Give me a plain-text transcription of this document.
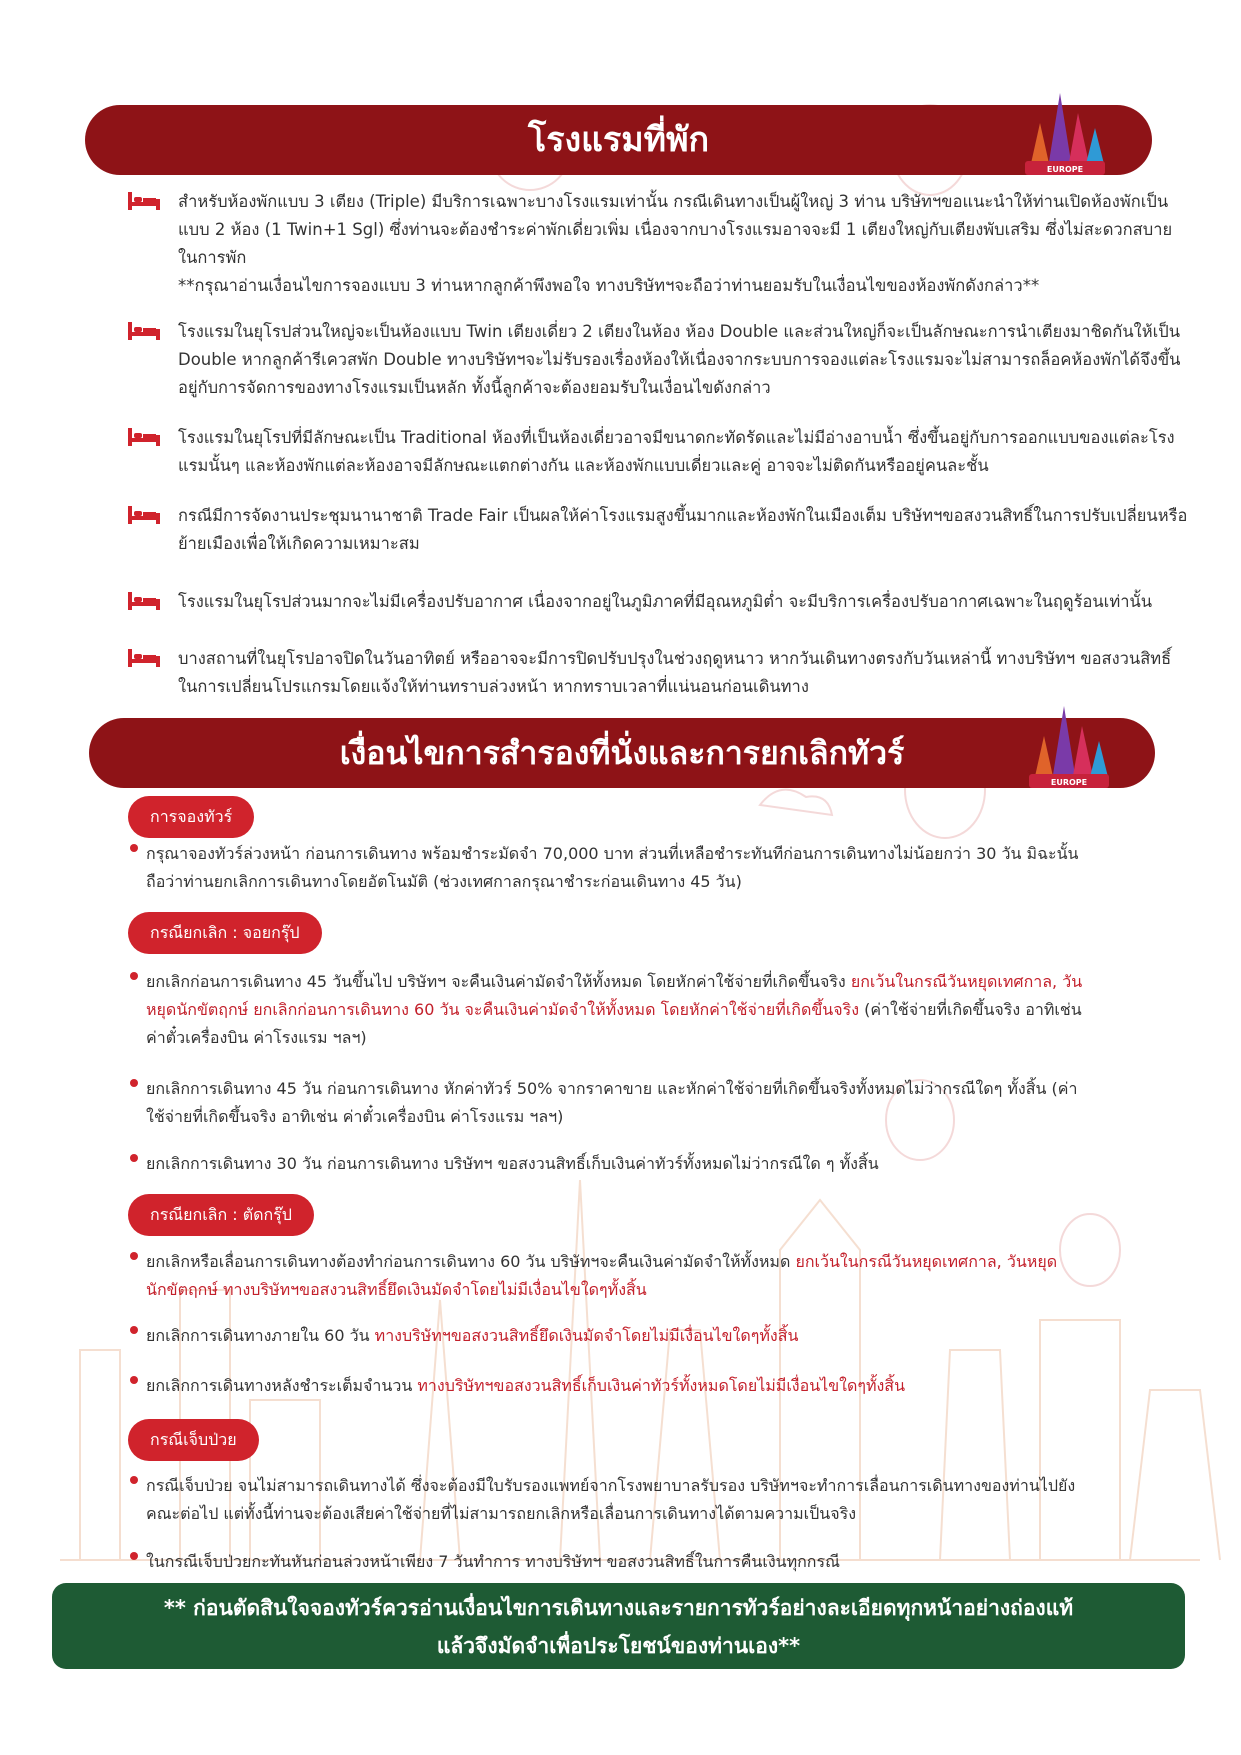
โรงแรมที่พัก
EUROPE
สำหรับห้องพักแบบ 3 เตียง (Triple) มีบริการเฉพาะบางโรงแรมเท่านั้น กรณีเดินทางเป็นผู้ใหญ่ 3 ท่าน บริษัทฯขอแนะนำให้ท่านเปิดห้องพักเป็นแบบ 2 ห้อง (1 Twin+1 Sgl) ซึ่งท่านจะต้องชำระค่าพักเดี่ยวเพิ่ม เนื่องจากบางโรงแรมอาจจะมี 1 เตียงใหญ่กับเตียงพับเสริม ซึ่งไม่สะดวกสบายในการพัก
**กรุณาอ่านเงื่อนไขการจองแบบ 3 ท่านหากลูกค้าพึงพอใจ ทางบริษัทฯจะถือว่าท่านยอมรับในเงื่อนไขของห้องพักดังกล่าว**
โรงแรมในยุโรปส่วนใหญ่จะเป็นห้องแบบ Twin เตียงเดี่ยว 2 เตียงในห้อง ห้อง Double และส่วนใหญ่ก็จะเป็นลักษณะการนำเตียงมาชิดกันให้เป็น Double หากลูกค้ารีเควสพัก Double ทางบริษัทฯจะไม่รับรองเรื่องห้องให้เนื่องจากระบบการจองแต่ละโรงแรมจะไม่สามารถล็อคห้องพักได้จึงขึ้นอยู่กับการจัดการของทางโรงแรมเป็นหลัก ทั้งนี้ลูกค้าจะต้องยอมรับในเงื่อนไขดังกล่าว
โรงแรมในยุโรปที่มีลักษณะเป็น Traditional ห้องที่เป็นห้องเดี่ยวอาจมีขนาดกะทัดรัดและไม่มีอ่างอาบน้ำ ซึ่งขึ้นอยู่กับการออกแบบของแต่ละโรงแรมนั้นๆ และห้องพักแต่ละห้องอาจมีลักษณะแตกต่างกัน และห้องพักแบบเดี่ยวและคู่ อาจจะไม่ติดกันหรืออยู่คนละชั้น
กรณีมีการจัดงานประชุมนานาชาติ Trade Fair เป็นผลให้ค่าโรงแรมสูงขึ้นมากและห้องพักในเมืองเต็ม บริษัทฯขอสงวนสิทธิ์ในการปรับเปลี่ยนหรือย้ายเมืองเพื่อให้เกิดความเหมาะสม
โรงแรมในยุโรปส่วนมากจะไม่มีเครื่องปรับอากาศ เนื่องจากอยู่ในภูมิภาคที่มีอุณหภูมิต่ำ จะมีบริการเครื่องปรับอากาศเฉพาะในฤดูร้อนเท่านั้น
บางสถานที่ในยุโรปอาจปิดในวันอาทิตย์ หรืออาจจะมีการปิดปรับปรุงในช่วงฤดูหนาว หากวันเดินทางตรงกับวันเหล่านี้ ทางบริษัทฯ ขอสงวนสิทธิ์ในการเปลี่ยนโปรแกรมโดยแจ้งให้ท่านทราบล่วงหน้า หากทราบเวลาที่แน่นอนก่อนเดินทาง
เงื่อนไขการสำรองที่นั่งและการยกเลิกทัวร์
EUROPE
การจองทัวร์
กรุณาจองทัวร์ล่วงหน้า ก่อนการเดินทาง พร้อมชำระมัดจำ 70,000 บาท ส่วนที่เหลือชำระทันทีก่อนการเดินทางไม่น้อยกว่า 30 วัน มิฉะนั้นถือว่าท่านยกเลิกการเดินทางโดยอัตโนมัติ (ช่วงเทศกาลกรุณาชำระก่อนเดินทาง 45 วัน)
กรณียกเลิก : จอยกรุ๊ป
ยกเลิกก่อนการเดินทาง 45 วันขึ้นไป บริษัทฯ จะคืนเงินค่ามัดจำให้ทั้งหมด โดยหักค่าใช้จ่ายที่เกิดขึ้นจริง ยกเว้นในกรณีวันหยุดเทศกาล, วันหยุดนักขัตฤกษ์ ยกเลิกก่อนการเดินทาง 60 วัน จะคืนเงินค่ามัดจำให้ทั้งหมด โดยหักค่าใช้จ่ายที่เกิดขึ้นจริง (ค่าใช้จ่ายที่เกิดขึ้นจริง อาทิเช่น ค่าตั๋วเครื่องบิน ค่าโรงแรม ฯลฯ)
ยกเลิกการเดินทาง 45 วัน ก่อนการเดินทาง หักค่าทัวร์ 50% จากราคาขาย และหักค่าใช้จ่ายที่เกิดขึ้นจริงทั้งหมดไม่ว่ากรณีใดๆ ทั้งสิ้น (ค่าใช้จ่ายที่เกิดขึ้นจริง อาทิเช่น ค่าตั๋วเครื่องบิน ค่าโรงแรม ฯลฯ)
ยกเลิกการเดินทาง 30 วัน ก่อนการเดินทาง บริษัทฯ ขอสงวนสิทธิ์เก็บเงินค่าทัวร์ทั้งหมดไม่ว่ากรณีใด ๆ ทั้งสิ้น
กรณียกเลิก : ตัดกรุ๊ป
ยกเลิกหรือเลื่อนการเดินทางต้องทำก่อนการเดินทาง 60 วัน บริษัทฯจะคืนเงินค่ามัดจำให้ทั้งหมด ยกเว้นในกรณีวันหยุดเทศกาล, วันหยุดนักขัตฤกษ์ ทางบริษัทฯขอสงวนสิทธิ์ยึดเงินมัดจำโดยไม่มีเงื่อนไขใดๆทั้งสิ้น
ยกเลิกการเดินทางภายใน 60 วัน ทางบริษัทฯขอสงวนสิทธิ์ยึดเงินมัดจำโดยไม่มีเงื่อนไขใดๆทั้งสิ้น
ยกเลิกการเดินทางหลังชำระเต็มจำนวน ทางบริษัทฯขอสงวนสิทธิ์เก็บเงินค่าทัวร์ทั้งหมดโดยไม่มีเงื่อนไขใดๆทั้งสิ้น
กรณีเจ็บป่วย
กรณีเจ็บป่วย จนไม่สามารถเดินทางได้ ซึ่งจะต้องมีใบรับรองแพทย์จากโรงพยาบาลรับรอง บริษัทฯจะทำการเลื่อนการเดินทางของท่านไปยังคณะต่อไป แต่ทั้งนี้ท่านจะต้องเสียค่าใช้จ่ายที่ไม่สามารถยกเลิกหรือเลื่อนการเดินทางได้ตามความเป็นจริง
ในกรณีเจ็บป่วยกะทันหันก่อนล่วงหน้าเพียง 7 วันทำการ ทางบริษัทฯ ขอสงวนสิทธิ์ในการคืนเงินทุกกรณี
** ก่อนตัดสินใจจองทัวร์ควรอ่านเงื่อนไขการเดินทางและรายการทัวร์อย่างละเอียดทุกหน้าอย่างถ่องแท้
แล้วจึงมัดจำเพื่อประโยชน์ของท่านเอง**
